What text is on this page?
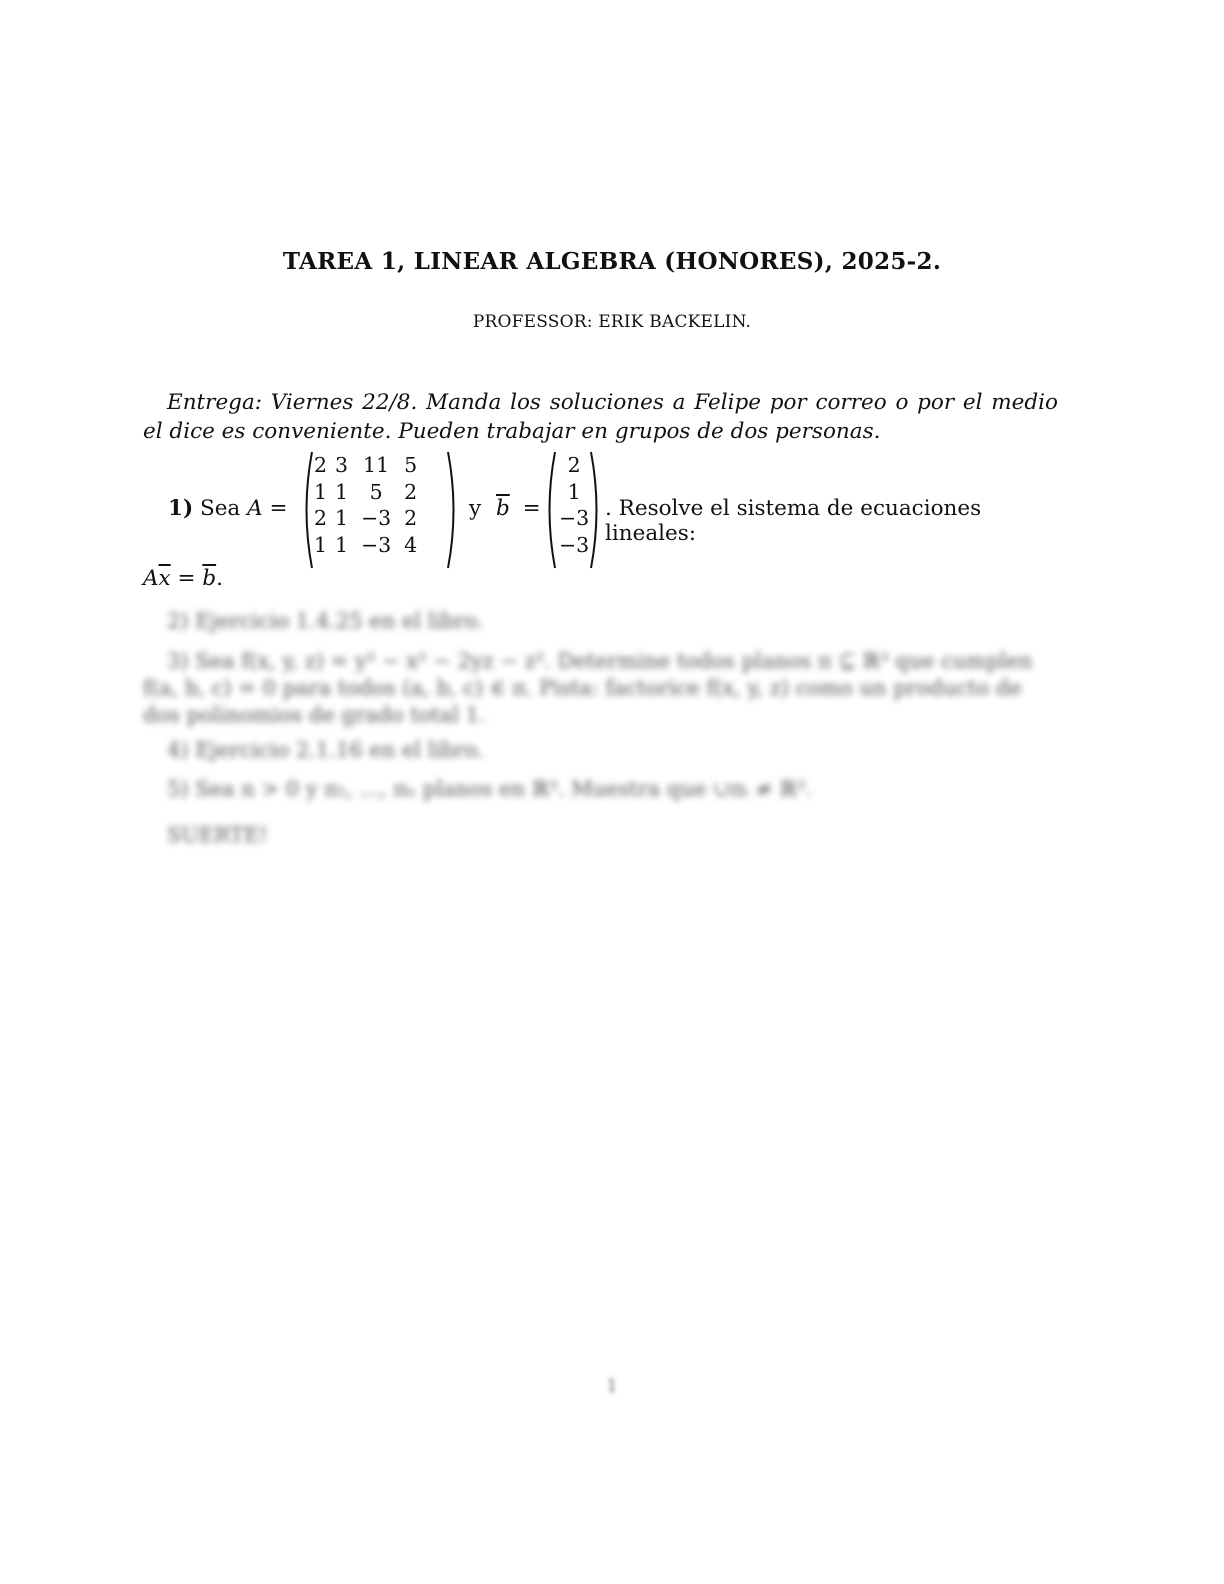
TAREA 1, LINEAR ALGEBRA (HONORES), 2025-2.
PROFESSOR: ERIK BACKELIN.
Entrega: Viernes 22/8. Manda los soluciones a Felipe por correo o por el medio el dice es conveniente. Pueden trabajar en grupos de dos personas.
1) Sea A =
2	3	11	5
1	1	5	2
2	1	−3	2
1	1	−3	4
y $\overline{b}$ =
2
1
−3
−3
. Resolve el sistema de ecuaciones lineales:
$A\overline{x} = \overline{b}$.
2) Ejercicio 1.4.25 en el libro.
3) Sea f(x, y, z) = y² − x² − 2yz − z². Determine todos planos π ⊆ ℝ³ que cumplen f(a, b, c) = 0 para todos (a, b, c) ∈ π. Pista: factorice f(x, y, z) como un producto de dos polinomios de grado total 1.
4) Ejercicio 2.1.16 en el libro.
5) Sea n > 0 y π₁, ..., πₙ planos en ℝ³. Muestra que ∪πᵢ ≠ ℝ³.
SUERTE!
1
